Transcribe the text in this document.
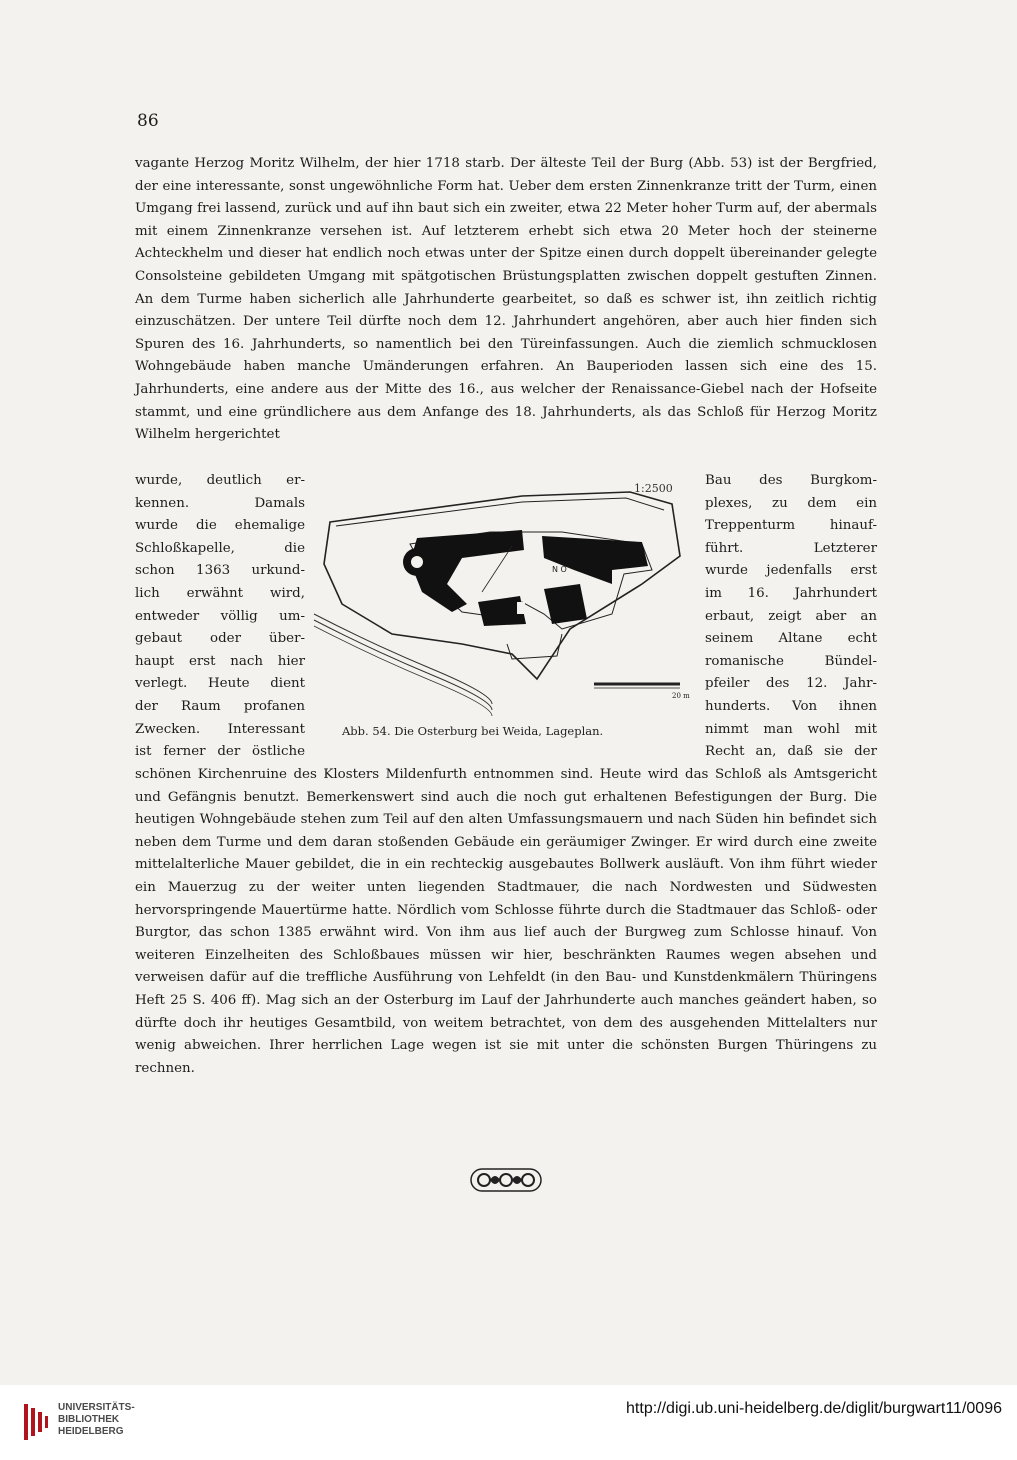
86

vagante Herzog Moritz Wilhelm, der hier 1718 starb. Der älteste Teil der Burg (Abb. 53) ist der Bergfried, der eine interessante, sonst ungewöhnliche Form hat. Ueber dem ersten Zinnenkranze tritt der Turm, einen Umgang frei lassend, zurück und auf ihn baut sich ein zweiter, etwa 22 Meter hoher Turm auf, der abermals mit einem Zinnenkranze versehen ist. Auf letzterem erhebt sich etwa 20 Meter hoch der steinerne Achteckhelm und dieser hat endlich noch etwas unter der Spitze einen durch doppelt übereinander gelegte Consolsteine gebildeten Umgang mit spätgotischen Brüstungsplatten zwischen doppelt gestuften Zinnen. An dem Turme haben sicherlich alle Jahrhunderte gearbeitet, so daß es schwer ist, ihn zeitlich richtig einzuschätzen. Der untere Teil dürfte noch dem 12. Jahrhundert angehören, aber auch hier finden sich Spuren des 16. Jahrhunderts, so namentlich bei den Türeinfassungen. Auch die ziemlich schmucklosen Wohngebäude haben manche Umänderungen erfahren. An Bauperioden lassen sich eine des 15. Jahrhunderts, eine andere aus der Mitte des 16., aus welcher der Renaissance-Giebel nach der Hofseite stammt, und eine gründlichere aus dem Anfange des 18. Jahrhunderts, als das Schloß für Herzog Moritz Wilhelm hergerichtet

wurde, deutlich er-
kennen. Damals
wurde die ehemalige
Schloßkapelle, die
schon 1363 urkund-
lich erwähnt wird,
entweder völlig um-
gebaut oder über-
haupt erst nach hier
verlegt. Heute dient
der Raum profanen
Zwecken. Interessant
ist ferner der östliche
N O
20 m
1:2500
Abb. 54. Die Osterburg bei Weida, Lageplan.
Bau des Burgkom-
plexes, zu dem ein
Treppenturm hinauf-
führt. Letzterer
wurde jedenfalls erst
im 16. Jahrhundert
erbaut, zeigt aber an
seinem Altane echt
romanische Bündel-
pfeiler des 12. Jahr-
hunderts. Von ihnen
nimmt man wohl mit
Recht an, daß sie der

schönen Kirchenruine des Klosters Mildenfurth entnommen sind. Heute wird das Schloß als Amtsgericht und Gefängnis benutzt. Bemerkenswert sind auch die noch gut erhaltenen Befestigungen der Burg. Die heutigen Wohngebäude stehen zum Teil auf den alten Umfassungsmauern und nach Süden hin befindet sich neben dem Turme und dem daran stoßenden Gebäude ein geräumiger Zwinger. Er wird durch eine zweite mittelalterliche Mauer gebildet, die in ein rechteckig ausgebautes Bollwerk ausläuft. Von ihm führt wieder ein Mauerzug zu der weiter unten liegenden Stadtmauer, die nach Nordwesten und Südwesten hervorspringende Mauertürme hatte. Nördlich vom Schlosse führte durch die Stadtmauer das Schloß- oder Burgtor, das schon 1385 erwähnt wird. Von ihm aus lief auch der Burgweg zum Schlosse hinauf. Von weiteren Einzelheiten des Schloßbaues müssen wir hier, beschränkten Raumes wegen absehen und verweisen dafür auf die treffliche Ausführung von Lehfeldt (in den Bau- und Kunstdenkmälern Thüringens Heft 25 S. 406 ff). Mag sich an der Osterburg im Lauf der Jahrhunderte auch manches geändert haben, so dürfte doch ihr heutiges Gesamtbild, von weitem betrachtet, von dem des ausgehenden Mittelalters nur wenig abweichen. Ihrer herrlichen Lage wegen ist sie mit unter die schönsten Burgen Thüringens zu rechnen.

UNIVERSITÄTS-
BIBLIOTHEK
HEIDELBERG
http://digi.ub.uni-heidelberg.de/diglit/burgwart11/0096
